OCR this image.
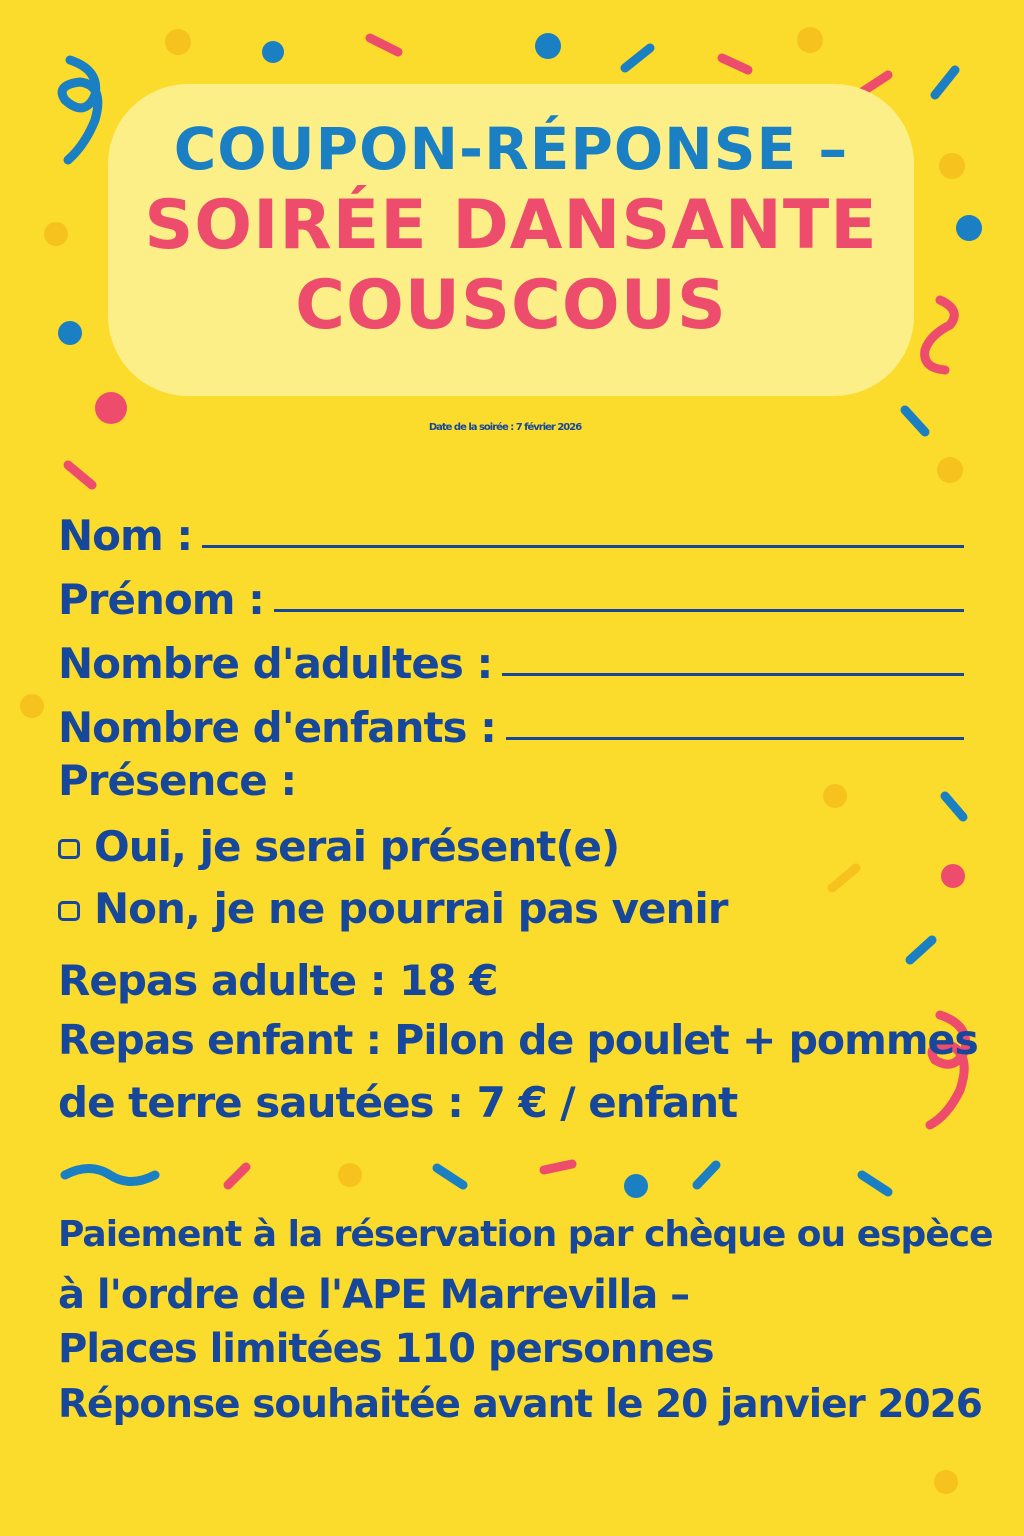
COUPON-RÉPONSE –
SOIRÉE DANSANTE
COUSCOUS
Date de la soirée : 7 février 2026
Nom :
Prénom :
Nombre d'adultes :
Nombre d'enfants :
Présence :
Oui, je serai présent(e)
Non, je ne pourrai pas venir
Repas adulte : 18 €
Repas enfant : Pilon de poulet + pommes
de terre sautées : 7 € / enfant
Paiement à la réservation par chèque ou espèce
à l'ordre de l'APE Marrevilla –
Places limitées 110 personnes
Réponse souhaitée avant le 20 janvier 2026
